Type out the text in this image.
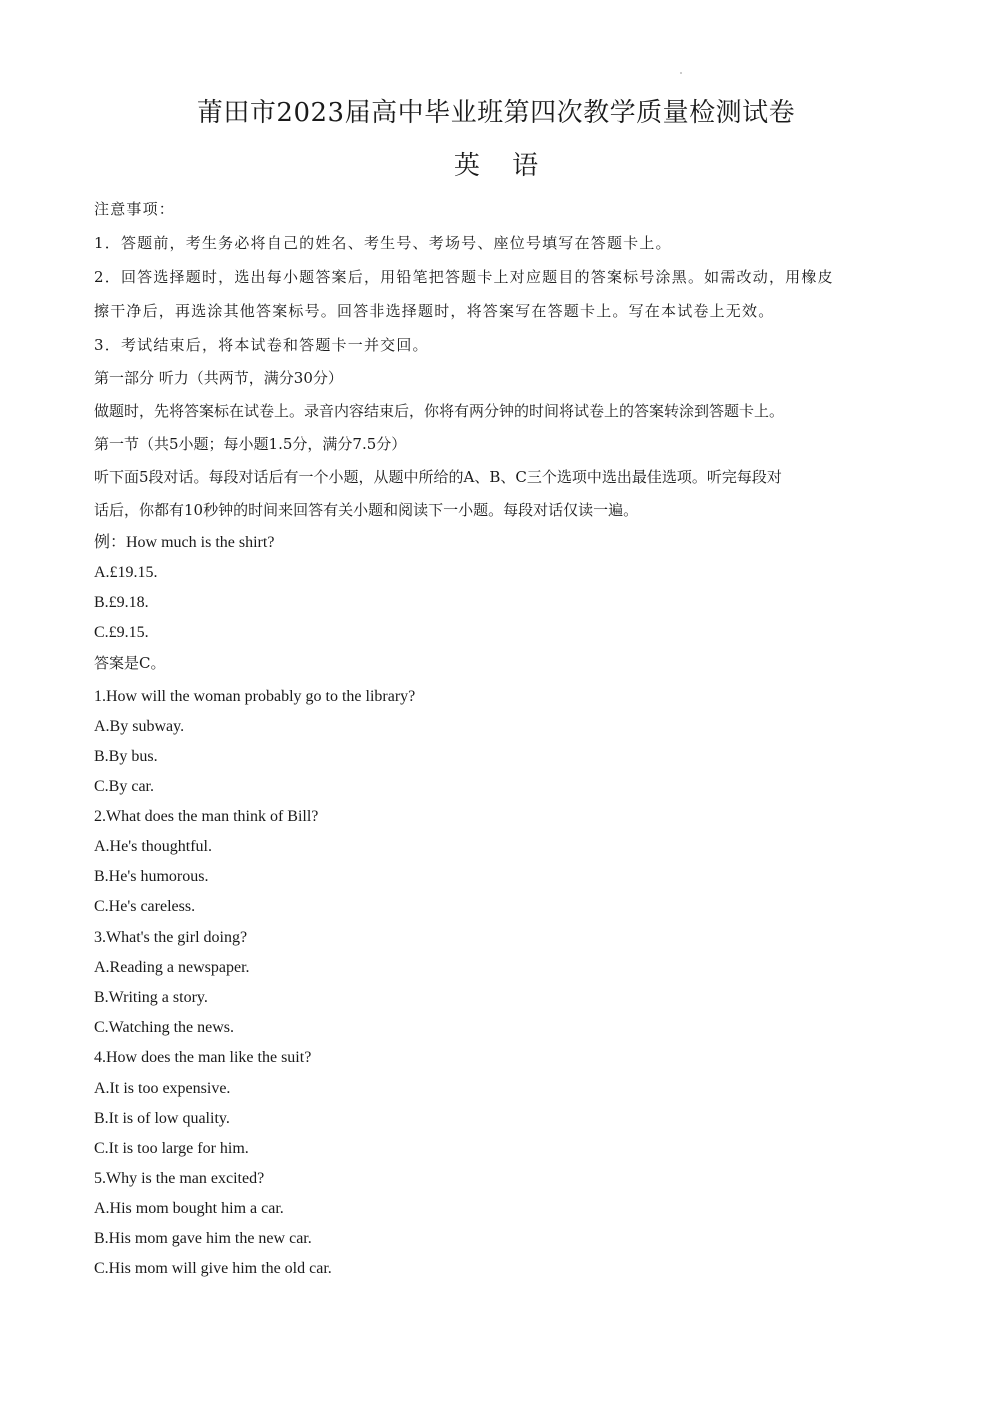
莆田市2023届高中毕业班第四次教学质量检测试卷
英 语
注意事项：
1．答题前，考生务必将自己的姓名、考生号、考场号、座位号填写在答题卡上。
2．回答选择题时，选出每小题答案后，用铅笔把答题卡上对应题目的答案标号涂黑。如需改动，用橡皮
擦干净后，再选涂其他答案标号。回答非选择题时，将答案写在答题卡上。写在本试卷上无效。
3．考试结束后，将本试卷和答题卡一并交回。
第一部分 听力（共两节，满分30分）
做题时，先将答案标在试卷上。录音内容结束后，你将有两分钟的时间将试卷上的答案转涂到答题卡上。
第一节（共5小题；每小题1.5分，满分7.5分）
听下面5段对话。每段对话后有一个小题，从题中所给的A、B、C三个选项中选出最佳选项。听完每段对
话后，你都有10秒钟的时间来回答有关小题和阅读下一小题。每段对话仅读一遍。
例：How much is the shirt?
A.£19.15.
B.£9.18.
C.£9.15.
答案是C。
1.How will the woman probably go to the library?
A.By subway.
B.By bus.
C.By car.
2.What does the man think of Bill?
A.He's thoughtful.
B.He's humorous.
C.He's careless.
3.What's the girl doing?
A.Reading a newspaper.
B.Writing a story.
C.Watching the news.
4.How does the man like the suit?
A.It is too expensive.
B.It is of low quality.
C.It is too large for him.
5.Why is the man excited?
A.His mom bought him a car.
B.His mom gave him the new car.
C.His mom will give him the old car.
